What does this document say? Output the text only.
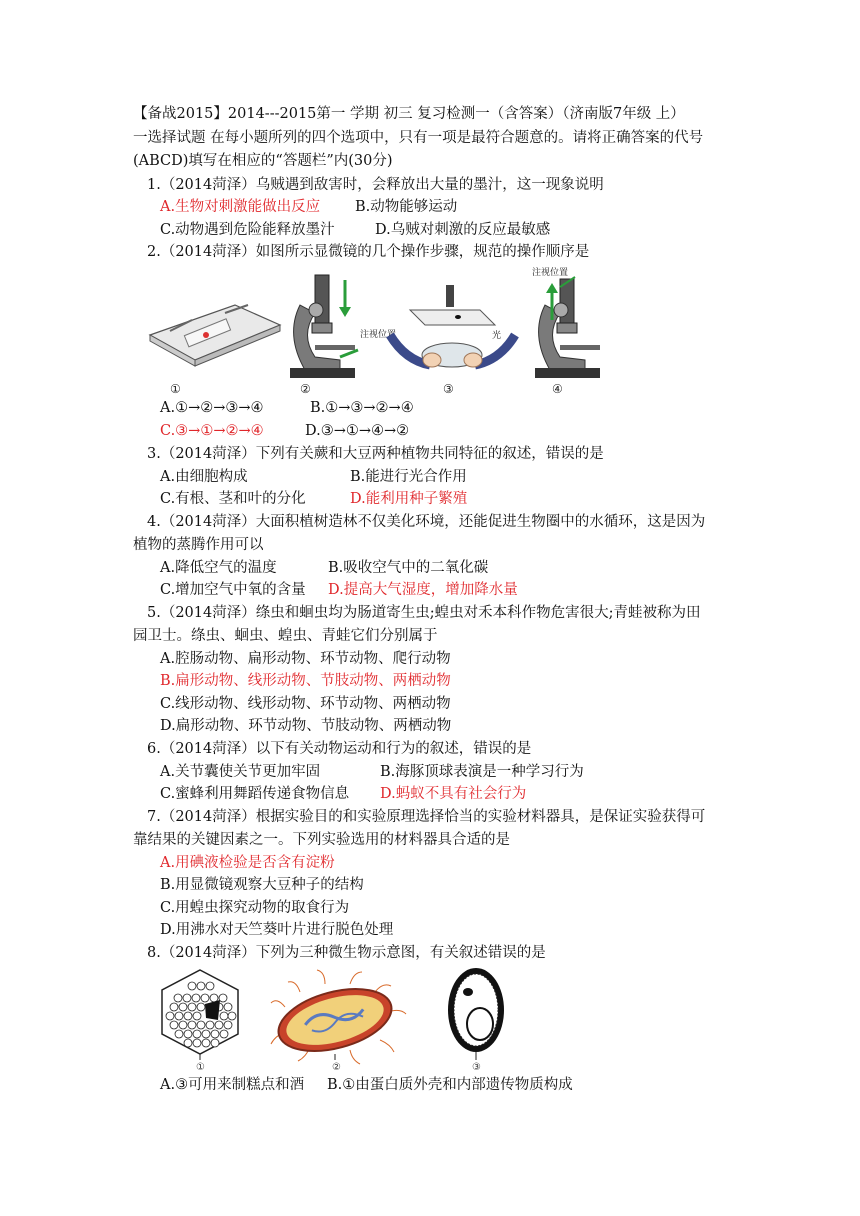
【备战2015】2014---2015第一 学期 初三 复习检测一（含答案）（济南版7年级 上）
一选择试题 在每小题所列的四个选项中，只有一项是最符合题意的。请将正确答案的代号
(ABCD)填写在相应的“答题栏”内(30分)
1.（2014菏泽）乌贼遇到敌害时，会释放出大量的墨汁，这一现象说明
A.生物对刺激能做出反应 B.动物能够运动
C.动物遇到危险能释放墨汁	D.乌贼对刺激的反应最敏感
2.（2014菏泽）如图所示显微镜的几个操作步骤，规范的操作顺序是
①
注视位置
②
光
③
注视位置
④
A.①→②→③→④	B.①→③→②→④
C.③→①→②→④	D.③→①→④→②
3.（2014菏泽）下列有关蕨和大豆两种植物共同特征的叙述，错误的是
A.由细胞构成	B.能进行光合作用
C.有根、茎和叶的分化	D.能利用种子繁殖
4.（2014菏泽）大面积植树造林不仅美化环境，还能促进生物圈中的水循环，这是因为
植物的蒸腾作用可以
A.降低空气的温度	B.吸收空气中的二氧化碳
C.增加空气中氧的含量 D.提高大气湿度，增加降水量
5.（2014菏泽）绦虫和蛔虫均为肠道寄生虫;蝗虫对禾本科作物危害很大;青蛙被称为田
园卫士。绦虫、蛔虫、蝗虫、青蛙它们分别属于
A.腔肠动物、扁形动物、环节动物、爬行动物
B.扁形动物、线形动物、节肢动物、两栖动物
C.线形动物、线形动物、环节动物、两栖动物
D.扁形动物、环节动物、节肢动物、两栖动物
6.（2014菏泽）以下有关动物运动和行为的叙述，错误的是
A.关节囊使关节更加牢固	B.海豚顶球表演是一种学习行为
C.蜜蜂利用舞蹈传递食物信息 D.蚂蚁不具有社会行为
7.（2014菏泽）根据实验目的和实验原理选择恰当的实验材料器具，是保证实验获得可
靠结果的关键因素之一。下列实验选用的材料器具合适的是
A.用碘液检验是否含有淀粉
B.用显微镜观察大豆种子的结构
C.用蝗虫探究动物的取食行为
D.用沸水对天竺葵叶片进行脱色处理
8.（2014菏泽）下列为三种微生物示意图，有关叙述错误的是
①	②	③
A.③可用来制糕点和酒 B.①由蛋白质外壳和内部遗传物质构成
